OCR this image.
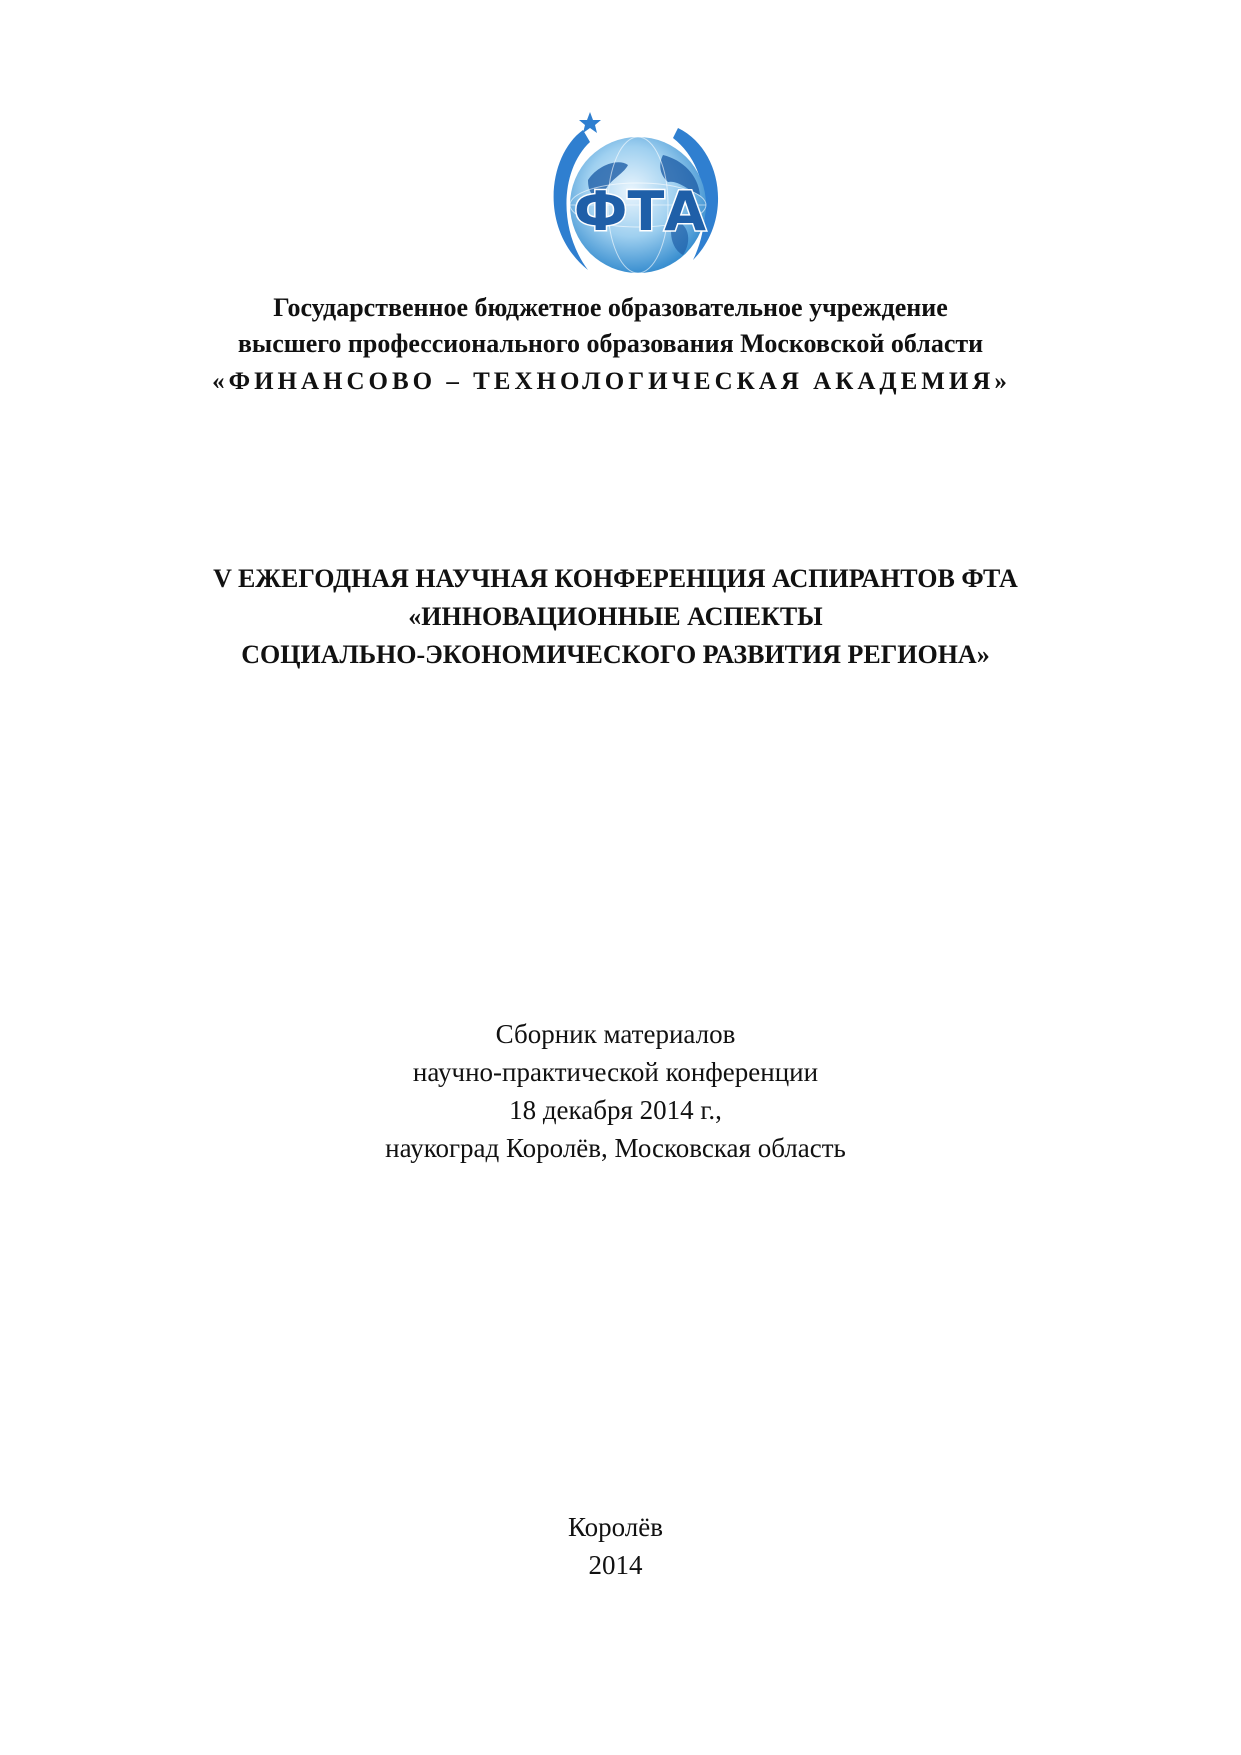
ФТА
Государственное бюджетное образовательное учреждение
высшего профессионального образования Московской области
«ФИНАНСОВО – ТЕХНОЛОГИЧЕСКАЯ АКАДЕМИЯ»
V ЕЖЕГОДНАЯ НАУЧНАЯ КОНФЕРЕНЦИЯ АСПИРАНТОВ ФТА
«ИННОВАЦИОННЫЕ АСПЕКТЫ
СОЦИАЛЬНО-ЭКОНОМИЧЕСКОГО РАЗВИТИЯ РЕГИОНА»
Сборник материалов
научно-практической конференции
18 декабря 2014 г.,
наукоград Королёв, Московская область
Королёв
2014
